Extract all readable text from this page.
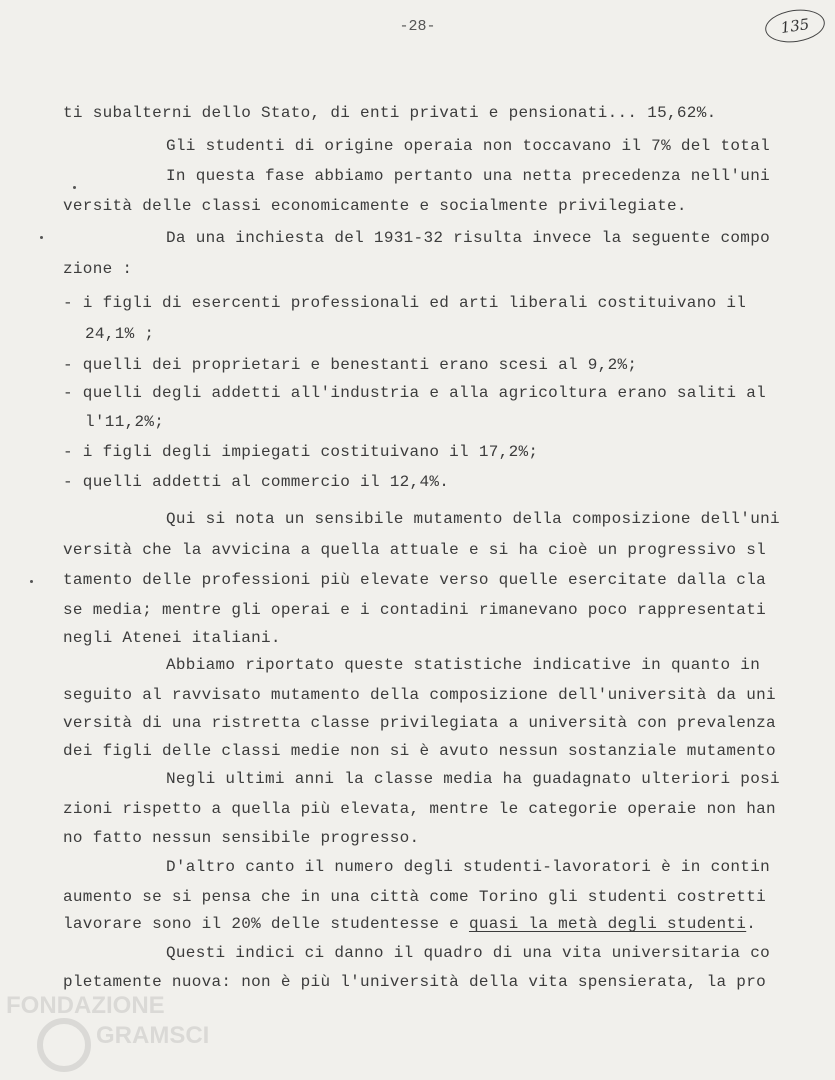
-28-	135
ti subalterni dello Stato, di enti privati e pensionati... 15,62%.
Gli studenti di origine operaia non toccavano il 7% del total
In questa fase abbiamo pertanto una netta precedenza nell'uni
versità delle classi economicamente e socialmente privilegiate.
Da una inchiesta del 1931-32 risulta invece la seguente compo
zione :
- i figli di esercenti professionali ed arti liberali costituivano il
24,1% ;
- quelli dei proprietari e benestanti erano scesi al 9,2%;
- quelli degli addetti all'industria e alla agricoltura erano saliti al
l'11,2%;
- i figli degli impiegati costituivano il 17,2%;
- quelli addetti al commercio il 12,4%.
Qui si nota un sensibile mutamento della composizione dell'uni
versità che la avvicina a quella attuale e si ha cioè un progressivo sl
tamento delle professioni più elevate verso quelle esercitate dalla cla
se media; mentre gli operai e i contadini rimanevano poco rappresentati
negli Atenei italiani.
Abbiamo riportato queste statistiche indicative in quanto in
seguito al ravvisato mutamento della composizione dell'università da uni
versità di una ristretta classe privilegiata a università con prevalenza
dei figli delle classi medie non si è avuto nessun sostanziale mutamento
Negli ultimi anni la classe media ha guadagnato ulteriori posi
zioni rispetto a quella più elevata, mentre le categorie operaie non han
no fatto nessun sensibile progresso.
D'altro canto il numero degli studenti-lavoratori è in contin
aumento se si pensa che in una città come Torino gli studenti costretti
lavorare sono il 20% delle studentesse e quasi la metà degli studenti.
Questi indici ci danno il quadro di una vita universitaria co
pletamente nuova: non è più l'università della vita spensierata, la pro
FONDAZIONE
GRAMSCI
